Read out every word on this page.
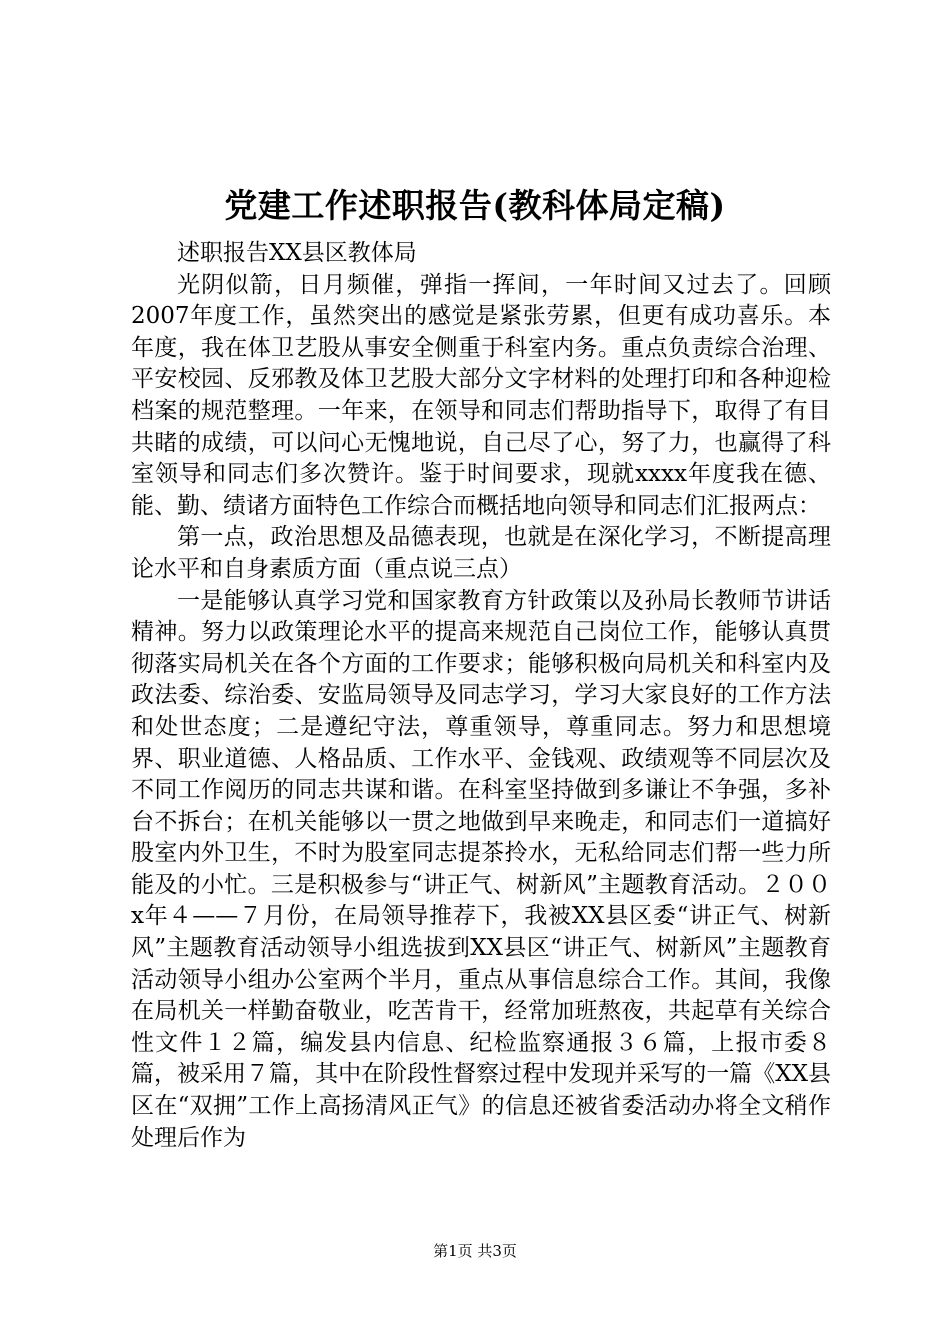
党建工作述职报告(教科体局定稿)

述职报告XX县区教体局

光阴似箭，日月频催，弹指一挥间，一年时间又过去了。回顾2007年度工作，虽然突出的感觉是紧张劳累，但更有成功喜乐。本年度，我在体卫艺股从事安全侧重于科室内务。重点负责综合治理、平安校园、反邪教及体卫艺股大部分文字材料的处理打印和各种迎检档案的规范整理。一年来，在领导和同志们帮助指导下，取得了有目共睹的成绩，可以问心无愧地说，自己尽了心，努了力，也赢得了科室领导和同志们多次赞许。鉴于时间要求，现就xxxx年度我在德、能、勤、绩诸方面特色工作综合而概括地向领导和同志们汇报两点：

第一点，政治思想及品德表现，也就是在深化学习，不断提高理论水平和自身素质方面（重点说三点）

一是能够认真学习党和国家教育方针政策以及孙局长教师节讲话精神。努力以政策理论水平的提高来规范自己岗位工作，能够认真贯彻落实局机关在各个方面的工作要求；能够积极向局机关和科室内及政法委、综治委、安监局领导及同志学习，学习大家良好的工作方法和处世态度；二是遵纪守法，尊重领导，尊重同志。努力和思想境界、职业道德、人格品质、工作水平、金钱观、政绩观等不同层次及不同工作阅历的同志共谋和谐。在科室坚持做到多谦让不争强，多补台不拆台；在机关能够以一贯之地做到早来晚走，和同志们一道搞好股室内外卫生，不时为股室同志提茶拎水，无私给同志们帮一些力所能及的小忙。三是积极参与“讲正气、树新风”主题教育活动。２００x年４——７月份，在局领导推荐下，我被XX县区委“讲正气、树新风”主题教育活动领导小组选拔到XX县区“讲正气、树新风”主题教育活动领导小组办公室两个半月，重点从事信息综合工作。其间，我像在局机关一样勤奋敬业，吃苦肯干，经常加班熬夜，共起草有关综合性文件１２篇，编发县内信息、纪检监察通报３６篇，上报市委８篇，被采用７篇，其中在阶段性督察过程中发现并采写的一篇《XX县区在“双拥”工作上高扬清风正气》的信息还被省委活动办将全文稍作处理后作为

第1页 共3页
